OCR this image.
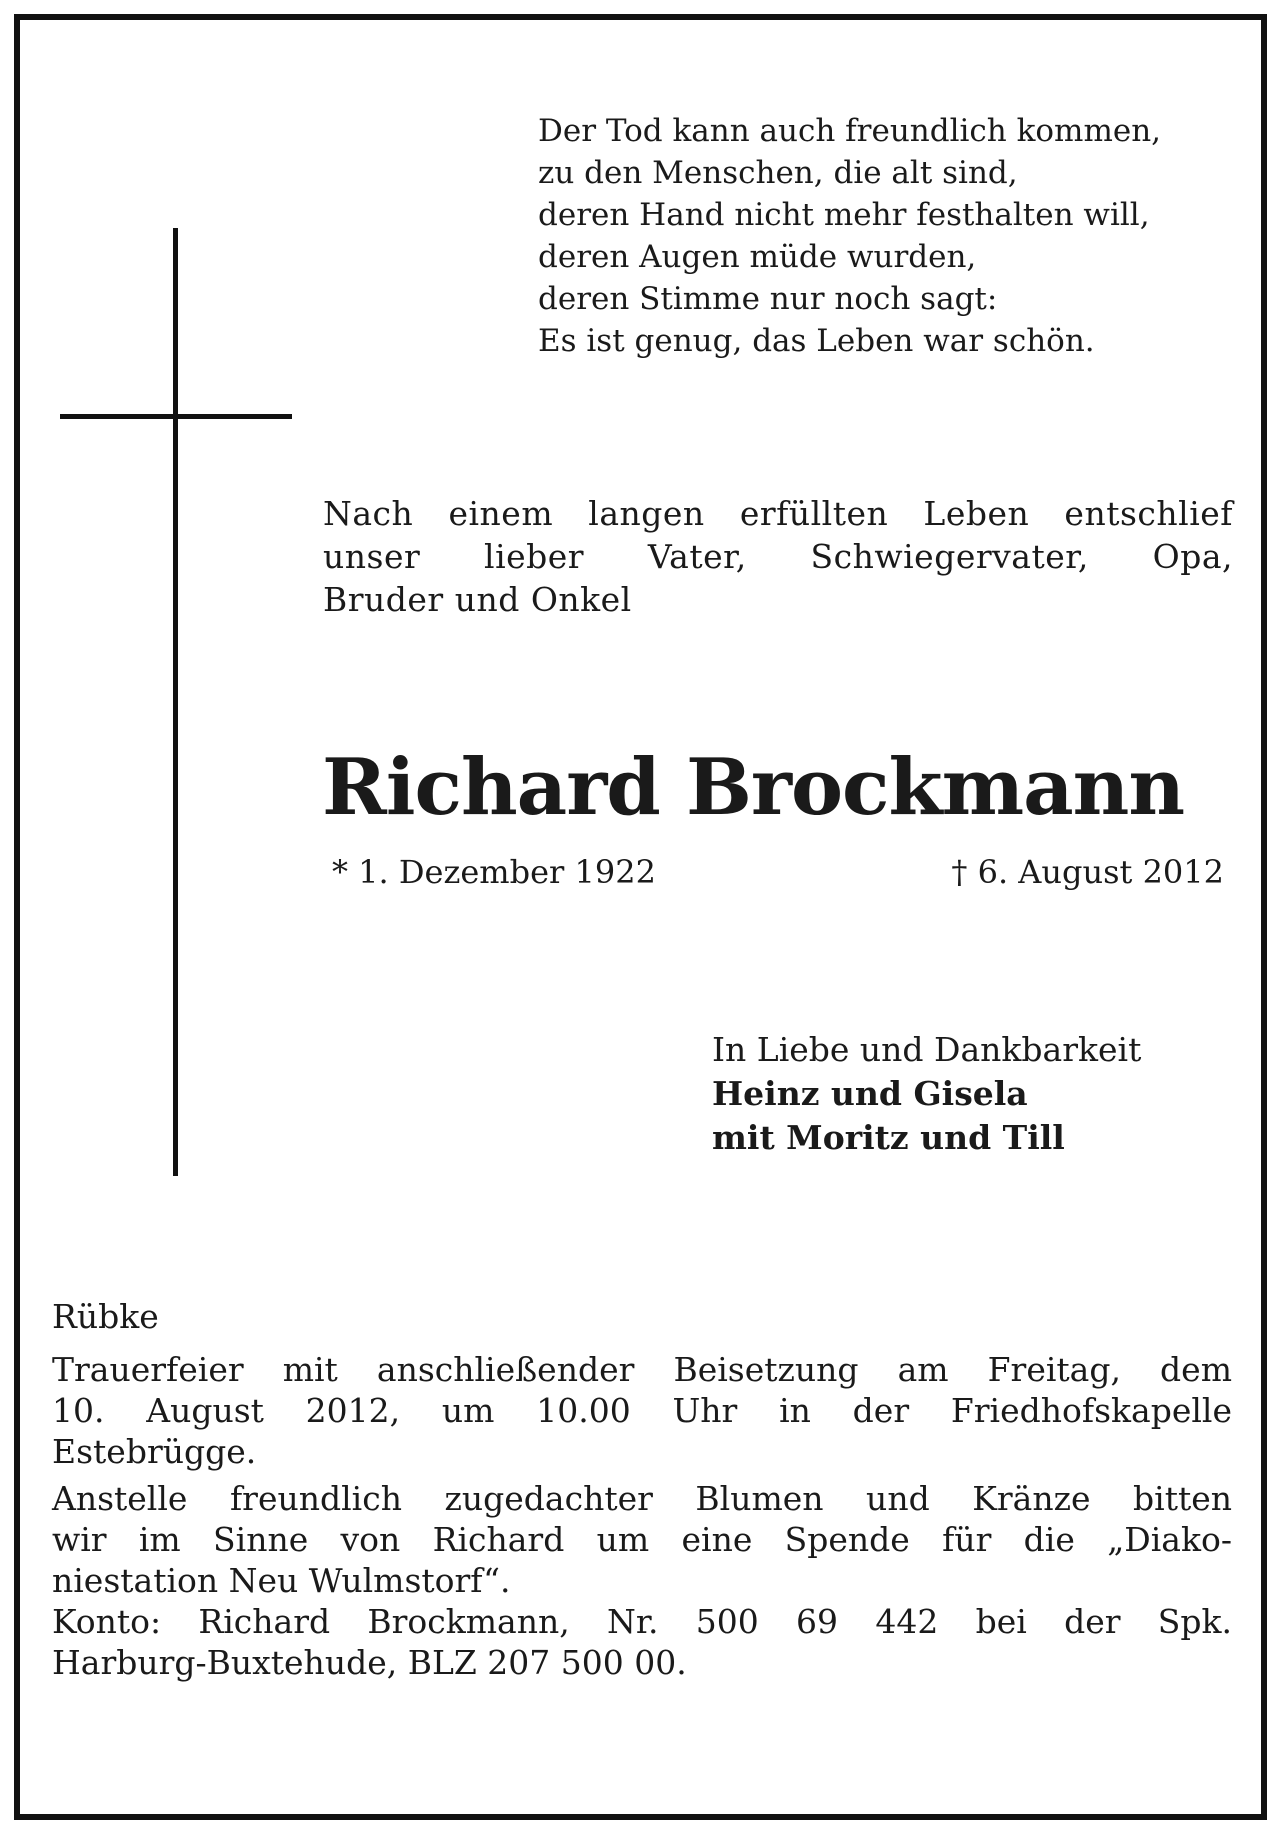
Der Tod kann auch freundlich kommen,
zu den Menschen, die alt sind,
deren Hand nicht mehr festhalten will,
deren Augen müde wurden,
deren Stimme nur noch sagt:
Es ist genug, das Leben war schön.
Nach einem langen erfüllten Leben entschlief
unser lieber Vater, Schwiegervater, Opa,
Bruder und Onkel
Richard Brockmann
* 1. Dezember 1922	† 6. August 2012
In Liebe und Dankbarkeit
Heinz und Gisela
mit Moritz und Till
Rübke
Trauerfeier mit anschließender Beisetzung am Freitag, dem
10. August 2012, um 10.00 Uhr in der Friedhofskapelle
Estebrügge.
Anstelle freundlich zugedachter Blumen und Kränze bitten
wir im Sinne von Richard um eine Spende für die „Diako-
niestation Neu Wulmstorf“.
Konto: Richard Brockmann, Nr. 500 69 442 bei der Spk.
Harburg-Buxtehude, BLZ 207 500 00.
